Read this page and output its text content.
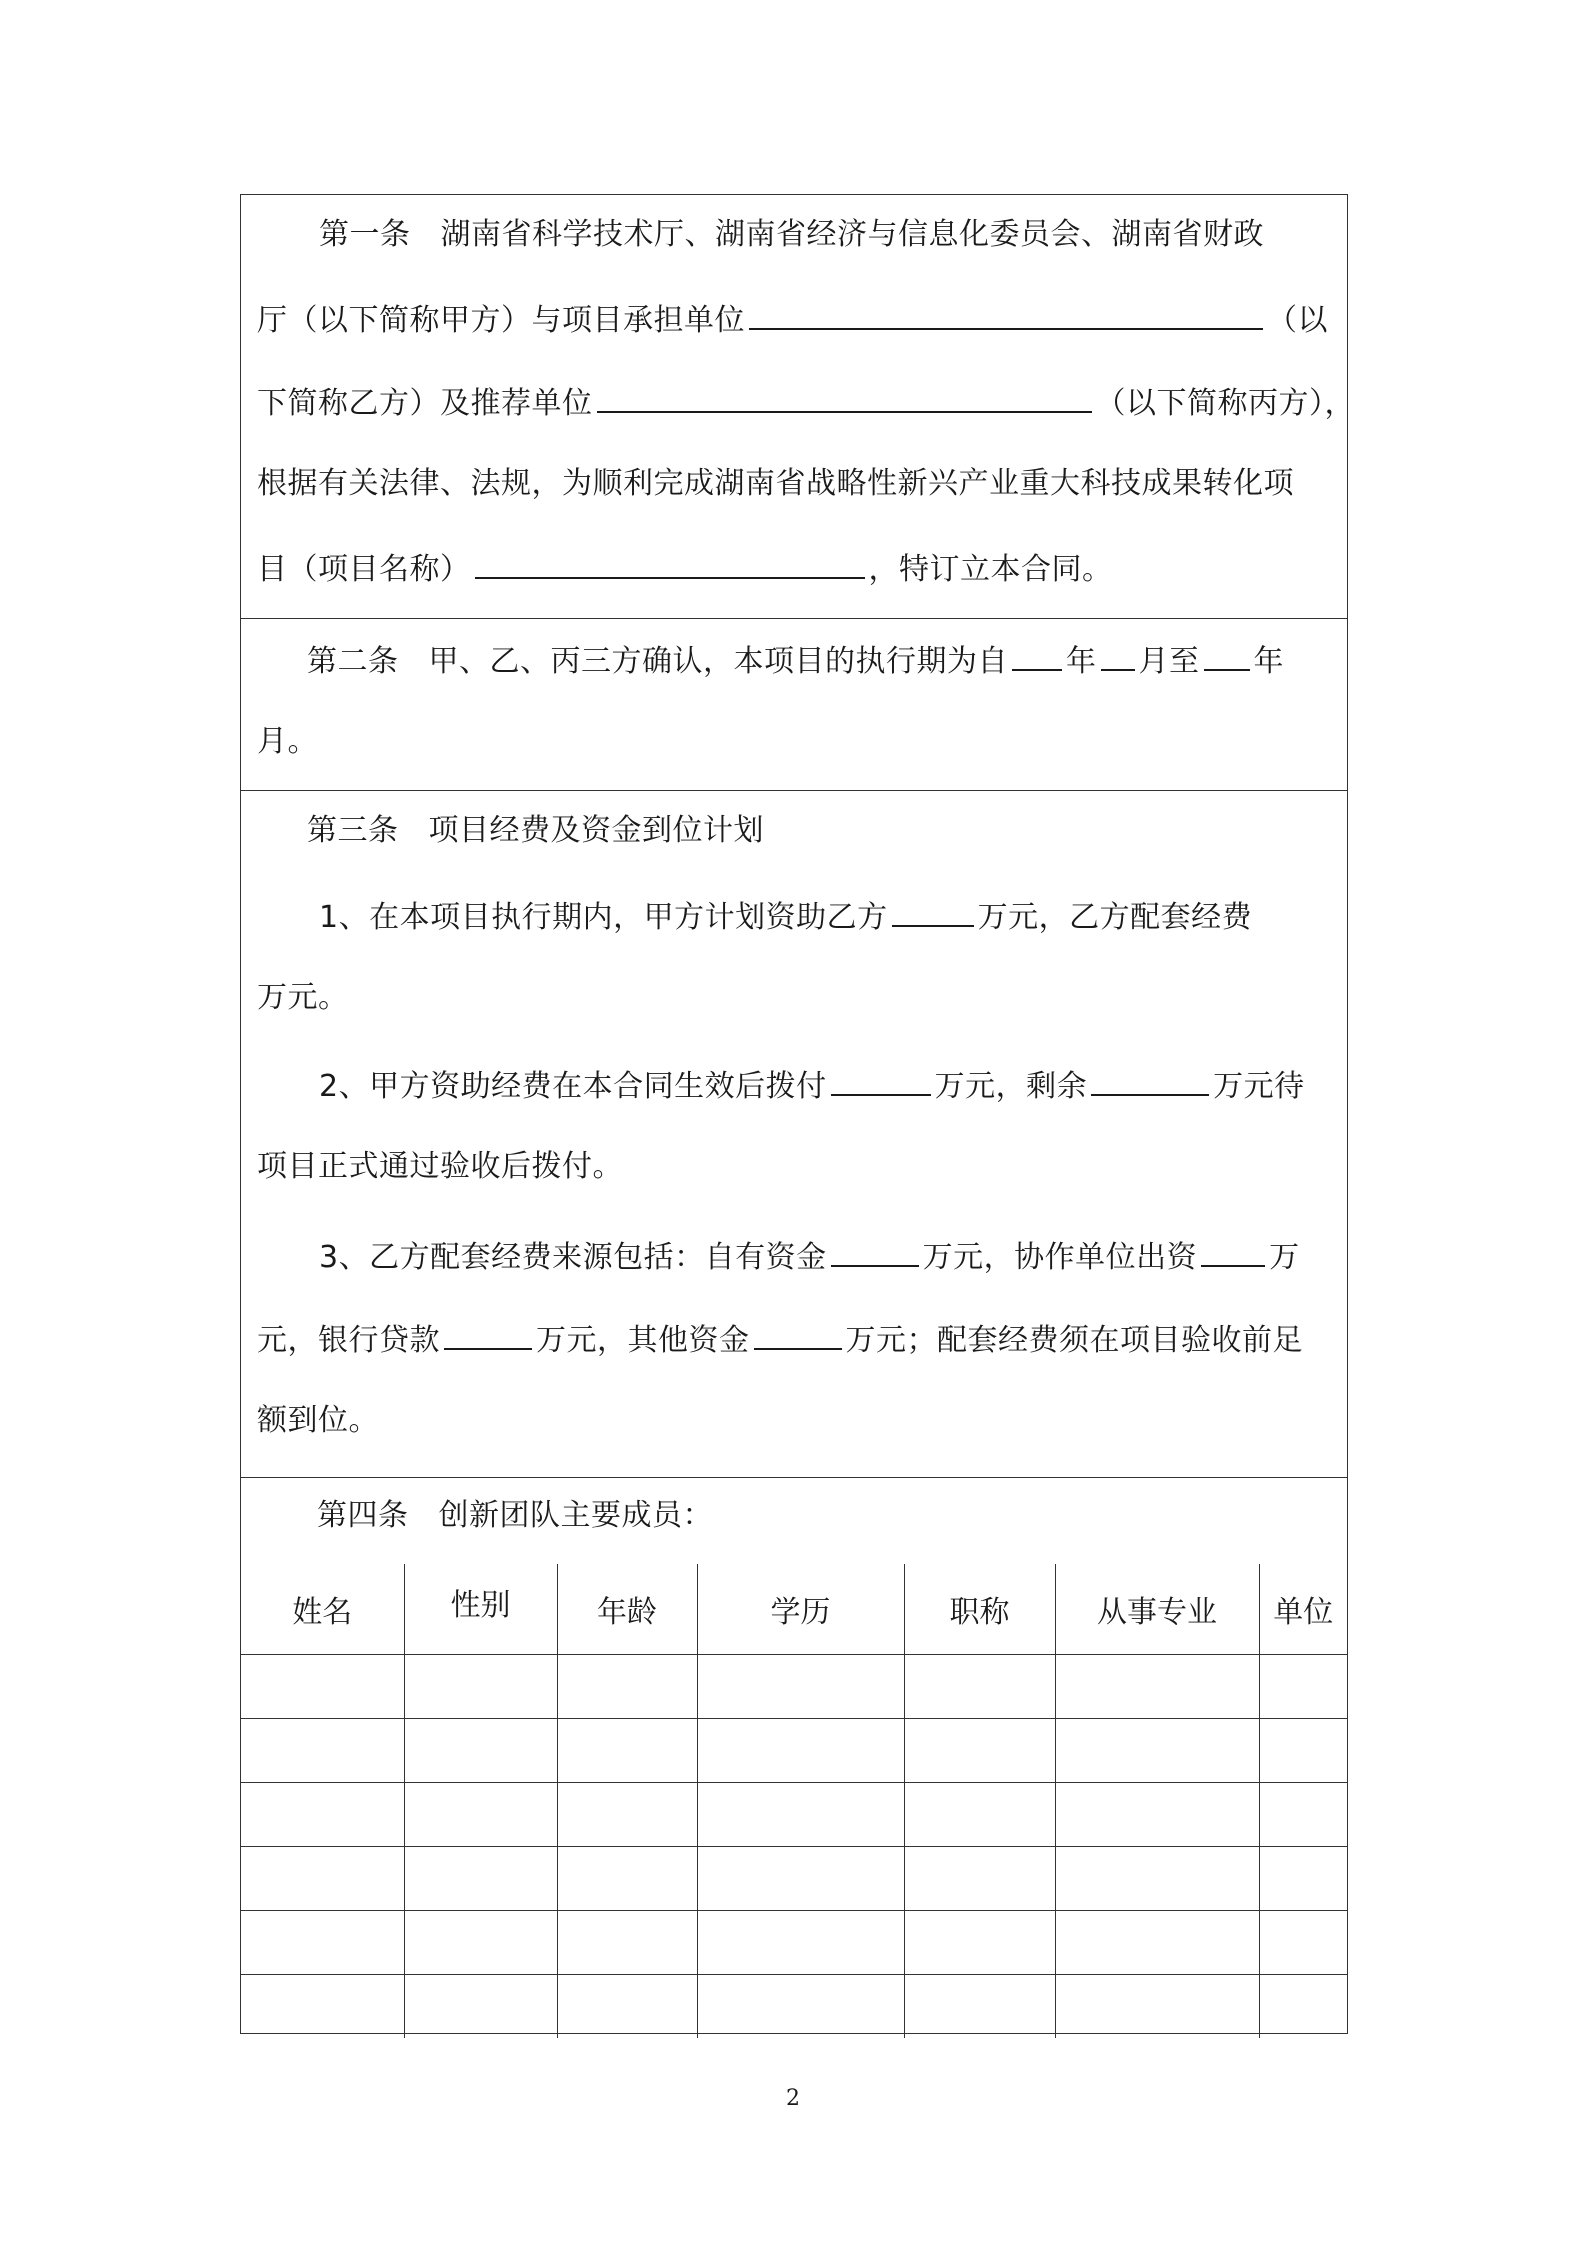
第一条 湖南省科学技术厅、湖南省经济与信息化委员会、湖南省财政
厅（以下简称甲方）与项目承担单位	（以
下简称乙方）及推荐单位	（以下简称丙方），
根据有关法律、法规，为顺利完成湖南省战略性新兴产业重大科技成果转化项
目（项目名称）	，特订立本合同。
第二条 甲、乙、丙三方确认，本项目的执行期为自 年 月至 年
月。
第三条 项目经费及资金到位计划
1、在本项目执行期内，甲方计划资助乙方	万元，乙方配套经费
万元。
2、甲方资助经费在本合同生效后拨付	万元，剩余	万元待
项目正式通过验收后拨付。
3、乙方配套经费来源包括：自有资金	万元，协作单位出资 万
元，银行贷款	万元，其他资金	万元；配套经费须在项目验收前足
额到位。
第四条 创新团队主要成员：
姓名	性别	年龄	学历	职称	从事专业	单位

2
